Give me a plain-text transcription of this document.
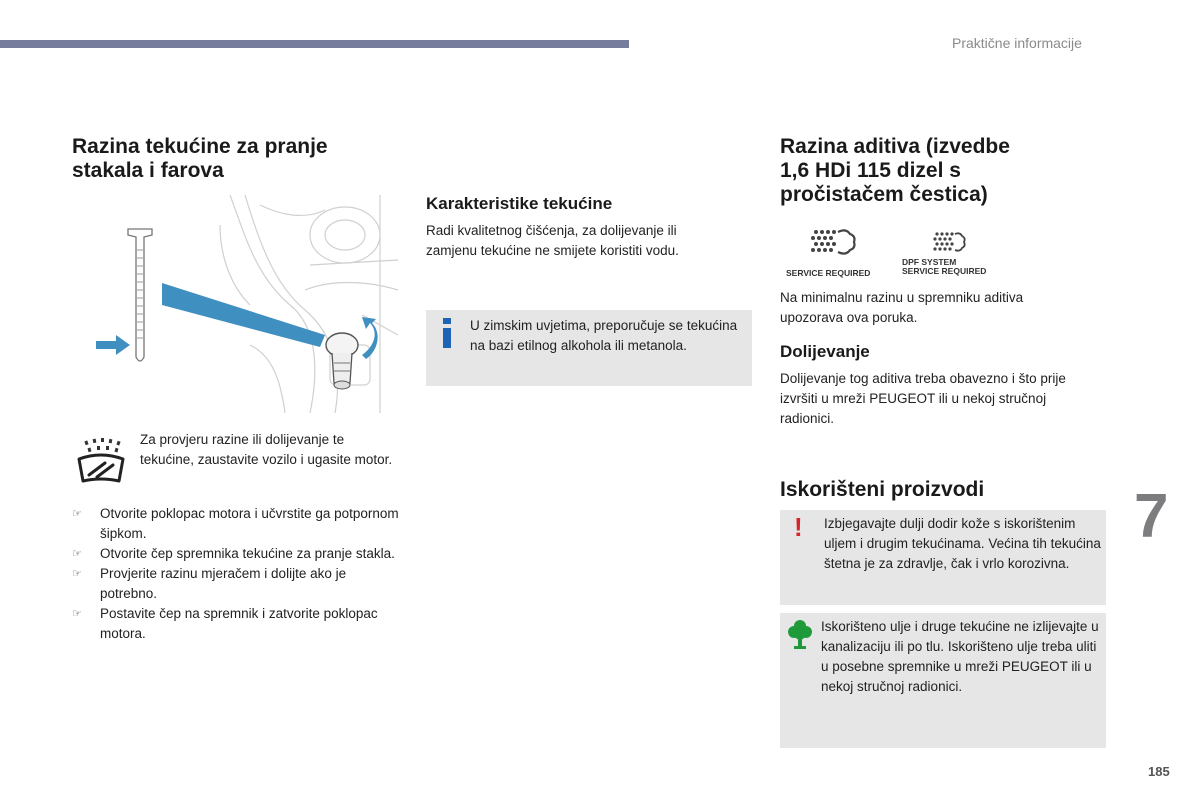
Praktične informacije
Razina tekućine za pranje
stakala i farova
Za provjeru razine ili dolijevanje te tekućine, zaustavite vozilo i ugasite motor.
☞ Otvorite poklopac motora i učvrstite ga potpornom šipkom.
☞ Otvorite čep spremnika tekućine za pranje stakla.
☞ Provjerite razinu mjeračem i dolijte ako je potrebno.
☞ Postavite čep na spremnik i zatvorite poklopac motora.
Karakteristike tekućine
Radi kvalitetnog čišćenja, za dolijevanje ili zamjenu tekućine ne smijete koristiti vodu.
U zimskim uvjetima, preporučuje se tekućina na bazi etilnog alkohola ili metanola.
Razina aditiva (izvedbe
1,6 HDi 115 dizel s
pročistačem čestica)
SERVICE REQUIRED
DPF SYSTEM
SERVICE REQUIRED
Na minimalnu razinu u spremniku aditiva upozorava ova poruka.
Dolijevanje
Dolijevanje tog aditiva treba obavezno i što prije izvršiti u mreži PEUGEOT ili u nekoj stručnoj radionici.
Iskorišteni proizvodi
! Izbjegavajte dulji dodir kože s iskorištenim uljem i drugim tekućinama. Većina tih tekućina štetna je za zdravlje, čak i vrlo korozivna.
Iskorišteno ulje i druge tekućine ne izlijevajte u kanalizaciju ili po tlu. Iskorišteno ulje treba uliti u posebne spremnike u mreži PEUGEOT ili u nekoj stručnoj radionici.
7
185
